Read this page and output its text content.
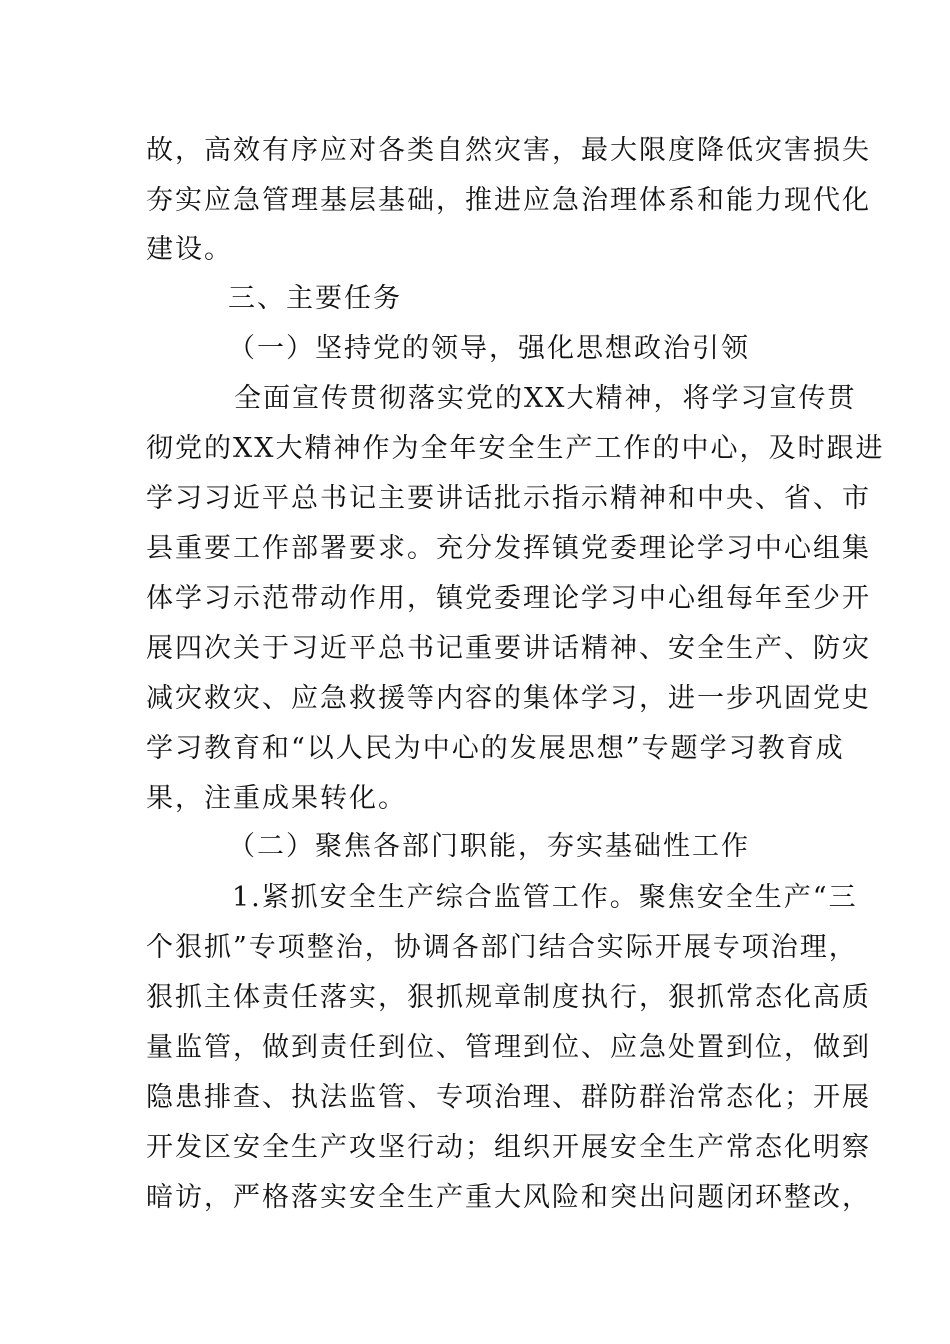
故，高效有序应对各类自然灾害，最大限度降低灾害损失
夯实应急管理基层基础，推进应急治理体系和能力现代化
建设。
三、主要任务
（一）坚持党的领导，强化思想政治引领
全面宣传贯彻落实党的XX大精神，将学习宣传贯
彻党的XX大精神作为全年安全生产工作的中心，及时跟进
学习习近平总书记主要讲话批示指示精神和中央、省、市
县重要工作部署要求。充分发挥镇党委理论学习中心组集
体学习示范带动作用，镇党委理论学习中心组每年至少开
展四次关于习近平总书记重要讲话精神、安全生产、防灾
减灾救灾、应急救援等内容的集体学习，进一步巩固党史
学习教育和“以人民为中心的发展思想”专题学习教育成
果，注重成果转化。
（二）聚焦各部门职能，夯实基础性工作
1.紧抓安全生产综合监管工作。聚焦安全生产“三
个狠抓”专项整治，协调各部门结合实际开展专项治理，
狠抓主体责任落实，狠抓规章制度执行，狠抓常态化高质
量监管，做到责任到位、管理到位、应急处置到位，做到
隐患排查、执法监管、专项治理、群防群治常态化；开展
开发区安全生产攻坚行动；组织开展安全生产常态化明察
暗访，严格落实安全生产重大风险和突出问题闭环整改，
